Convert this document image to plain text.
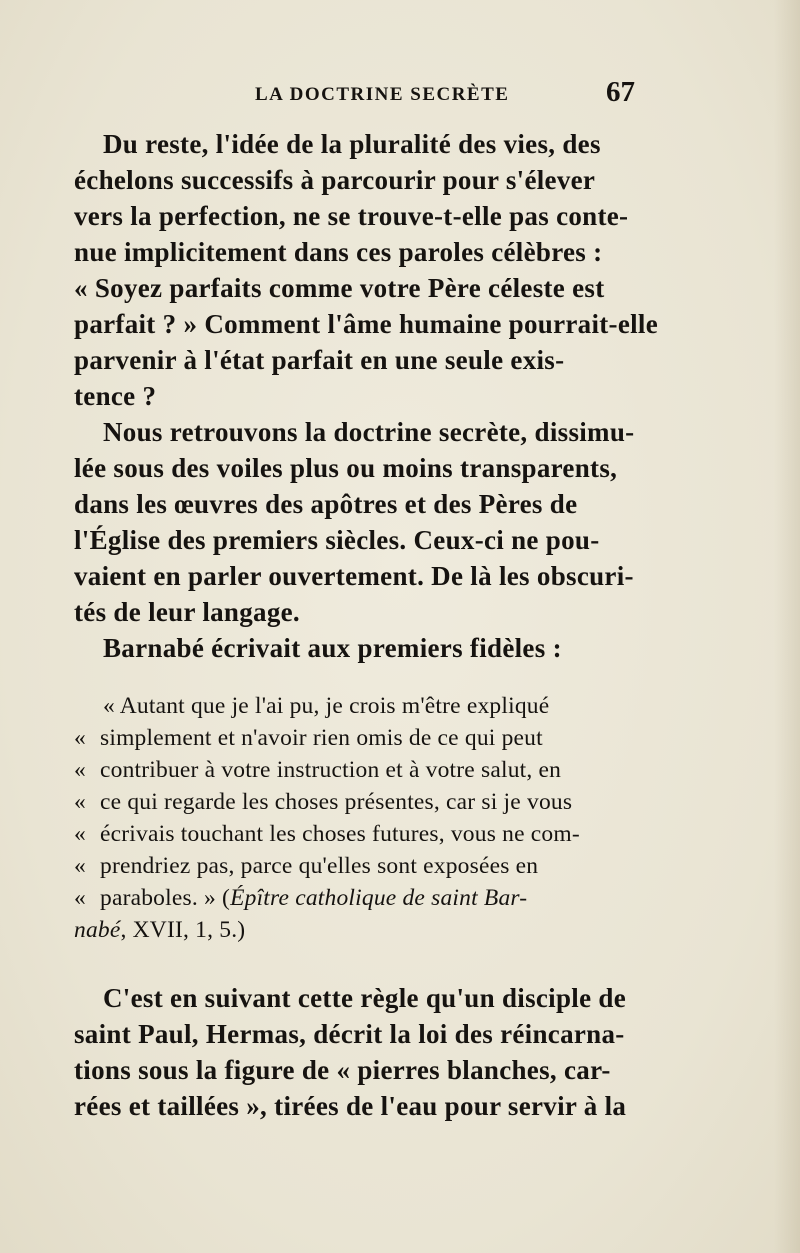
LA DOCTRINE SECRÈTE	67
Du reste, l'idée de la pluralité des vies, des
échelons successifs à parcourir pour s'élever
vers la perfection, ne se trouve-t-elle pas conte-
nue implicitement dans ces paroles célèbres :
« Soyez parfaits comme votre Père céleste est
parfait ? » Comment l'âme humaine pourrait-elle
parvenir à l'état parfait en une seule exis-
tence ?
Nous retrouvons la doctrine secrète, dissimu-
lée sous des voiles plus ou moins transparents,
dans les œuvres des apôtres et des Pères de
l'Église des premiers siècles. Ceux-ci ne pou-
vaient en parler ouvertement. De là les obscuri-
tés de leur langage.
Barnabé écrivait aux premiers fidèles :
« Autant que je l'ai pu, je crois m'être expliqué
« simplement et n'avoir rien omis de ce qui peut
« contribuer à votre instruction et à votre salut, en
« ce qui regarde les choses présentes, car si je vous
« écrivais touchant les choses futures, vous ne com-
« prendriez pas, parce qu'elles sont exposées en
« paraboles. » (Épître catholique de saint Bar-
nabé, XVII, 1, 5.)
C'est en suivant cette règle qu'un disciple de
saint Paul, Hermas, décrit la loi des réincarna-
tions sous la figure de « pierres blanches, car-
rées et taillées », tirées de l'eau pour servir à la
